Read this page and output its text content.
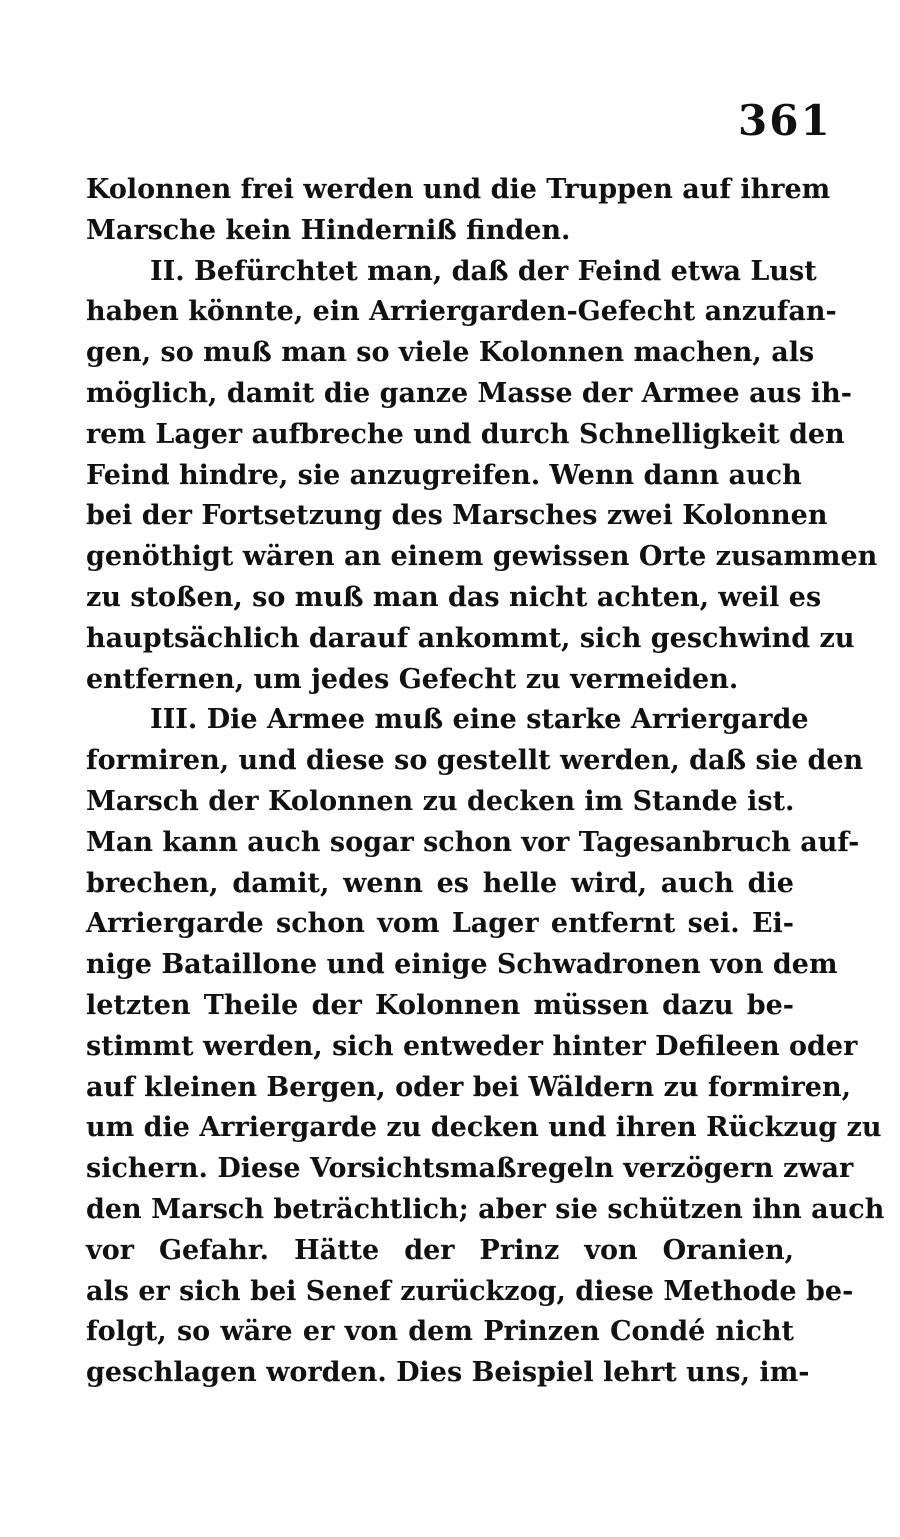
361
Kolonnen frei werden und die Truppen auf ihrem
Marsche kein Hinderniß finden.
II. Befürchtet man, daß der Feind etwa Lust
haben könnte, ein Arriergarden-Gefecht anzufan-
gen, so muß man so viele Kolonnen machen, als
möglich, damit die ganze Masse der Armee aus ih-
rem Lager aufbreche und durch Schnelligkeit den
Feind hindre, sie anzugreifen. Wenn dann auch
bei der Fortsetzung des Marsches zwei Kolonnen
genöthigt wären an einem gewissen Orte zusammen
zu stoßen, so muß man das nicht achten, weil es
hauptsächlich darauf ankommt, sich geschwind zu
entfernen, um jedes Gefecht zu vermeiden.
III. Die Armee muß eine starke Arriergarde
formiren, und diese so gestellt werden, daß sie den
Marsch der Kolonnen zu decken im Stande ist.
Man kann auch sogar schon vor Tagesanbruch auf-
brechen, damit, wenn es helle wird, auch die
Arriergarde schon vom Lager entfernt sei. Ei-
nige Bataillone und einige Schwadronen von dem
letzten Theile der Kolonnen müssen dazu be-
stimmt werden, sich entweder hinter Defileen oder
auf kleinen Bergen, oder bei Wäldern zu formiren,
um die Arriergarde zu decken und ihren Rückzug zu
sichern. Diese Vorsichtsmaßregeln verzögern zwar
den Marsch beträchtlich; aber sie schützen ihn auch
vor Gefahr. Hätte der Prinz von Oranien,
als er sich bei Senef zurückzog, diese Methode be-
folgt, so wäre er von dem Prinzen Condé nicht
geschlagen worden. Dies Beispiel lehrt uns, im-
